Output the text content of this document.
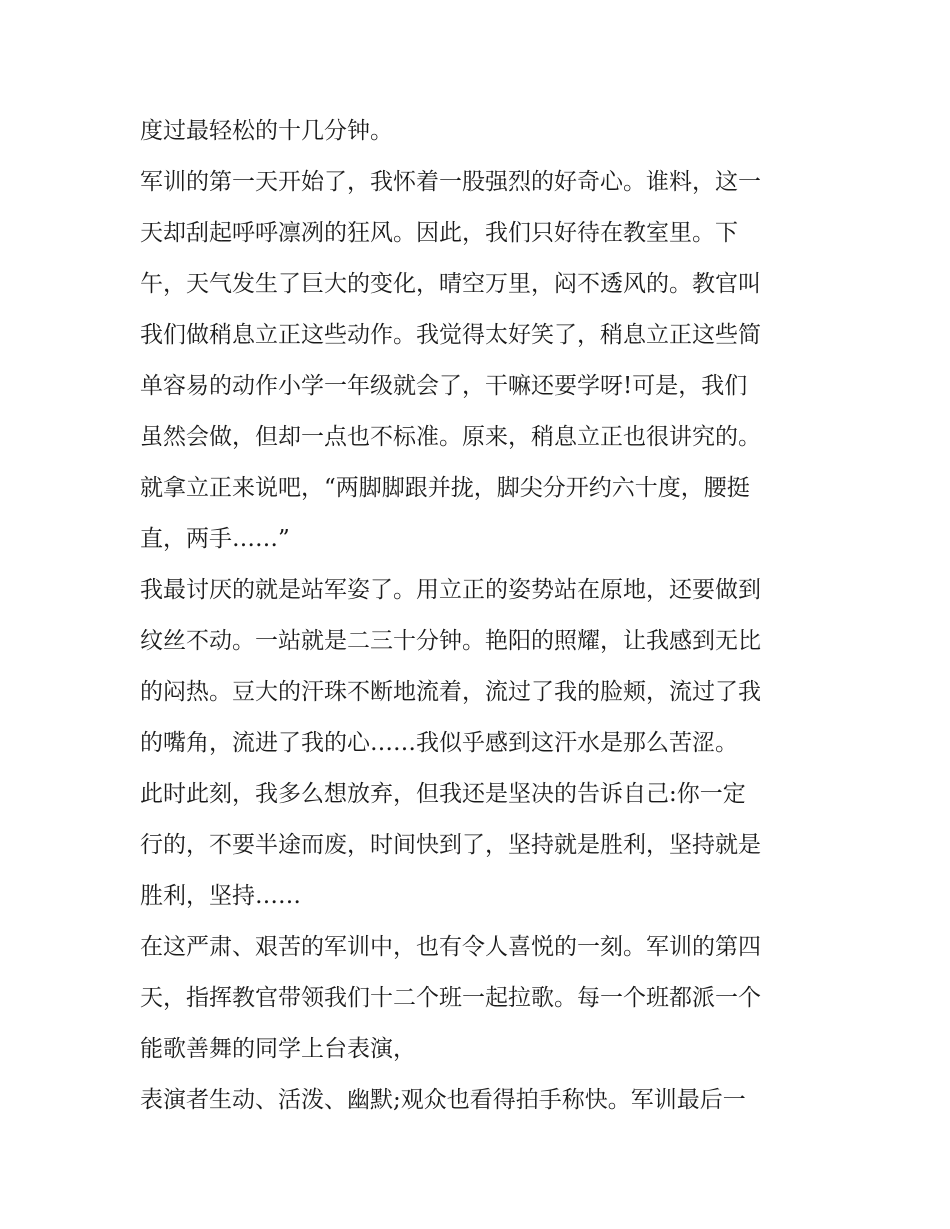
度过最轻松的十几分钟。
军训的第一天开始了，我怀着一股强烈的好奇心。谁料，这一
天却刮起呼呼凛冽的狂风。因此，我们只好待在教室里。下
午，天气发生了巨大的变化，晴空万里，闷不透风的。教官叫
我们做稍息立正这些动作。我觉得太好笑了，稍息立正这些简
单容易的动作小学一年级就会了，干嘛还要学呀!可是，我们
虽然会做，但却一点也不标准。原来，稍息立正也很讲究的。
就拿立正来说吧，“两脚脚跟并拢，脚尖分开约六十度，腰挺
直，两手……”
我最讨厌的就是站军姿了。用立正的姿势站在原地，还要做到
纹丝不动。一站就是二三十分钟。艳阳的照耀，让我感到无比
的闷热。豆大的汗珠不断地流着，流过了我的脸颊，流过了我
的嘴角，流进了我的心……我似乎感到这汗水是那么苦涩。
此时此刻，我多么想放弃，但我还是坚决的告诉自己:你一定
行的，不要半途而废，时间快到了，坚持就是胜利，坚持就是
胜利，坚持……
在这严肃、艰苦的军训中，也有令人喜悦的一刻。军训的第四
天，指挥教官带领我们十二个班一起拉歌。每一个班都派一个
能歌善舞的同学上台表演，
表演者生动、活泼、幽默;观众也看得拍手称快。军训最后一
